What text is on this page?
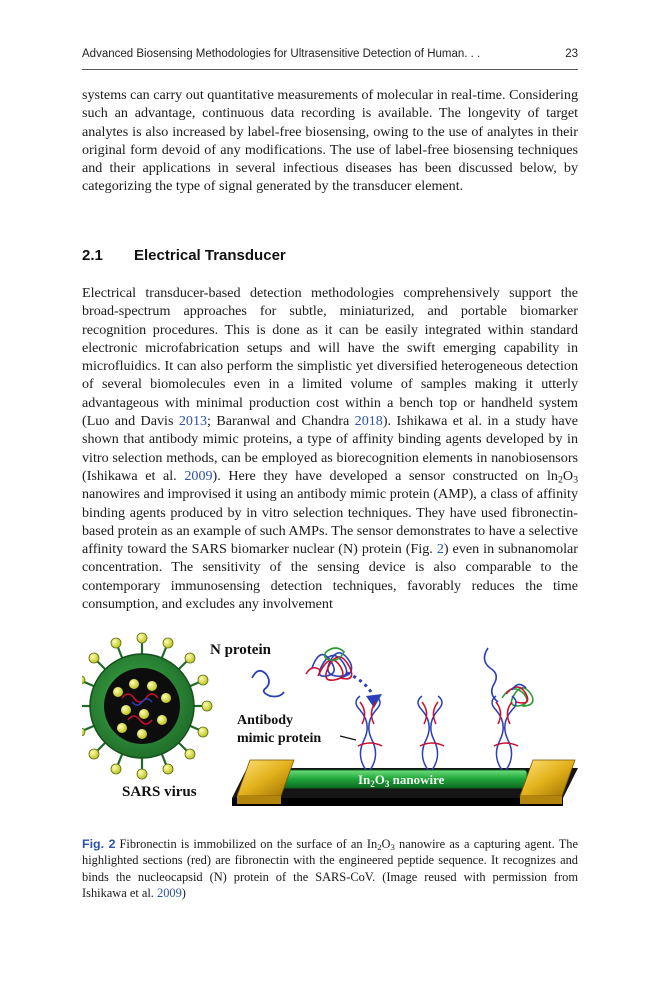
Advanced Biosensing Methodologies for Ultrasensitive Detection of Human. . .	23
systems can carry out quantitative measurements of molecular in real-time. Considering such an advantage, continuous data recording is available. The longevity of target analytes is also increased by label-free biosensing, owing to the use of analytes in their original form devoid of any modifications. The use of label-free biosensing techniques and their applications in several infectious diseases has been discussed below, by categorizing the type of signal generated by the transducer element.
2.1 Electrical Transducer
Electrical transducer-based detection methodologies comprehensively support the broad-spectrum approaches for subtle, miniaturized, and portable biomarker recognition procedures. This is done as it can be easily integrated within standard electronic microfabrication setups and will have the swift emerging capability in microfluidics. It can also perform the simplistic yet diversified heterogeneous detection of several biomolecules even in a limited volume of samples making it utterly advantageous with minimal production cost within a bench top or handheld system (Luo and Davis 2013; Baranwal and Chandra 2018). Ishikawa et al. in a study have shown that antibody mimic proteins, a type of affinity binding agents developed by in vitro selection methods, can be employed as biorecognition elements in nanobiosensors (Ishikawa et al. 2009). Here they have developed a sensor constructed on $\ln_2O_3$ nanowires and improvised it using an antibody mimic protein (AMP), a class of affinity binding agents produced by in vitro selection techniques. They have used fibronectin-based protein as an example of such AMPs. The sensor demonstrates to have a selective affinity toward the SARS biomarker nuclear (N) protein (Fig. 2) even in subnanomolar concentration. The sensitivity of the sensing device is also comparable to the contemporary immunosensing detection techniques, favorably reduces the time consumption, and excludes any involvement
N protein
Antibody
mimic protein
$In_2O_3$ nanowire
SARS virus
Fig. 2 Fibronectin is immobilized on the surface of an $In_2O_3$ nanowire as a capturing agent. The highlighted sections (red) are fibronectin with the engineered peptide sequence. It recognizes and binds the nucleocapsid (N) protein of the SARS-CoV. (Image reused with permission from Ishikawa et al. 2009)
